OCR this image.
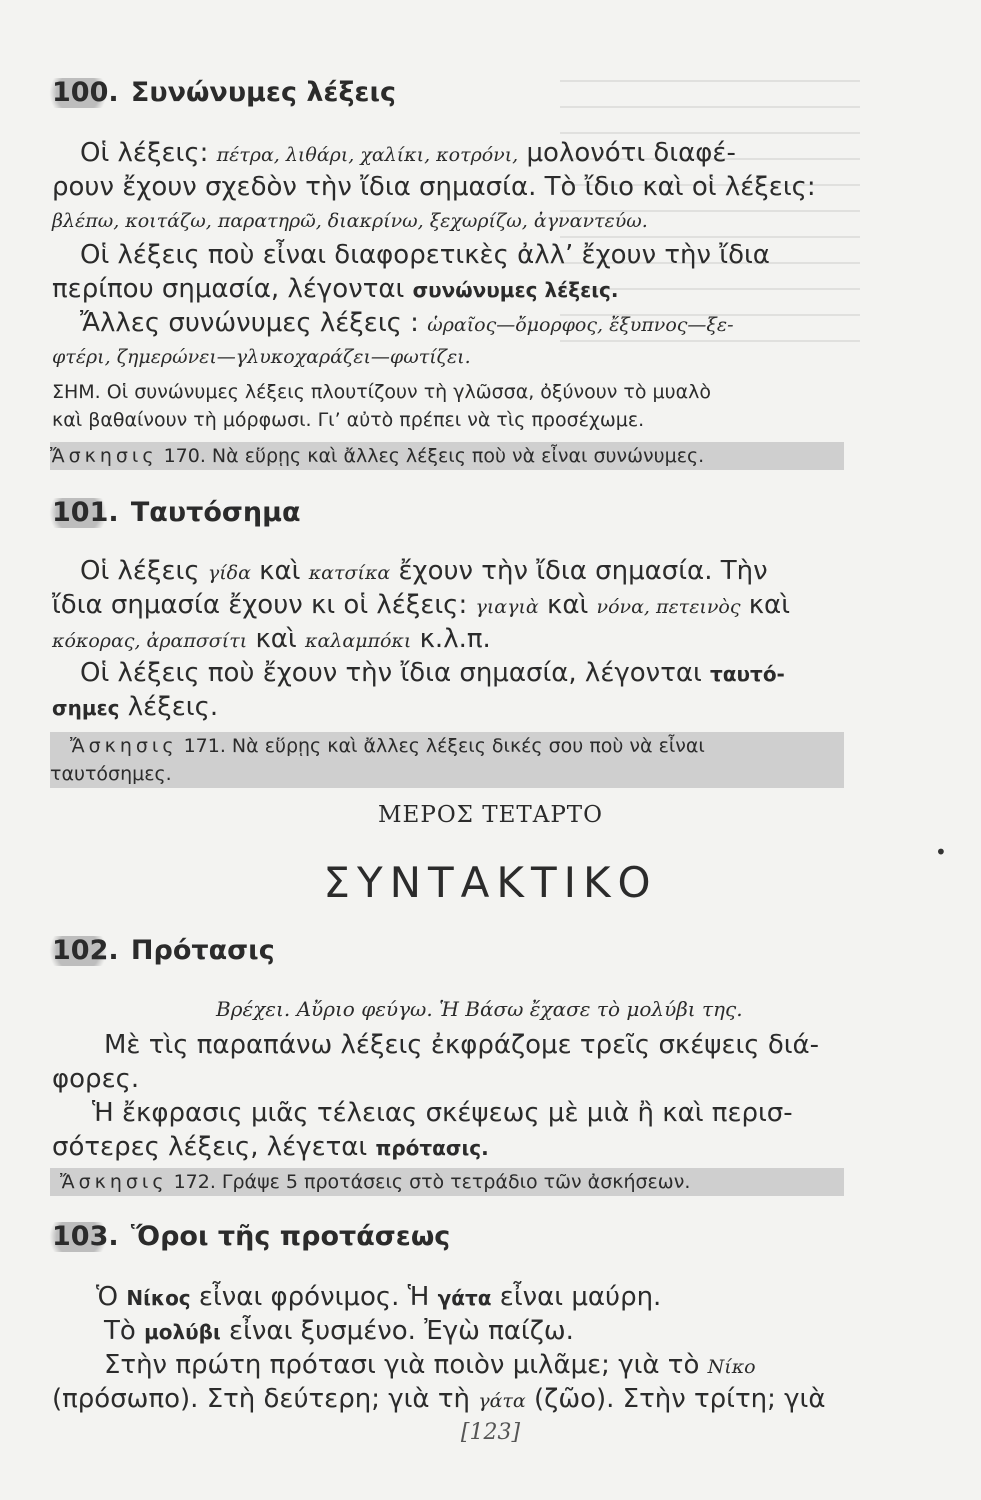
100. Συνώνυμες λέξεις
Οἱ λέξεις: πέτρα, λιθάρι, χαλίκι, κοτρόνι, μολονότι διαφέ-
ρουν ἔχουν σχεδὸν τὴν ἴδια σημασία. Τὸ ἴδιο καὶ οἱ λέξεις:
βλέπω, κοιτάζω, παρατηρῶ, διακρίνω, ξεχωρίζω, ἀγναντεύω.
Οἱ λέξεις ποὺ εἶναι διαφορετικὲς ἀλλ’ ἔχουν τὴν ἴδια
περίπου σημασία, λέγονται συνώνυμες λέξεις.
Ἄλλες συνώνυμες λέξεις : ὡραῖος—ὄμορφος, ἔξυπνος—ξε-
φτέρι, ζημερώνει—γλυκοχαράζει—φωτίζει.
ΣΗΜ. Οἱ συνώνυμες λέξεις πλουτίζουν τὴ γλῶσσα, ὀξύνουν τὸ μυαλὸ
καὶ βαθαίνουν τὴ μόρφωσι. Γι’ αὐτὸ πρέπει νὰ τὶς προσέχωμε.
Ἄσκησις 170. Νὰ εὕρῃς καὶ ἄλλες λέξεις ποὺ νὰ εἶναι συνώνυμες.
101. Ταυτόσημα
Οἱ λέξεις γίδα καὶ κατσίκα ἔχουν τὴν ἴδια σημασία. Τὴν
ἴδια σημασία ἔχουν κι οἱ λέξεις: γιαγιὰ καὶ νόνα, πετεινὸς καὶ
κόκορας, ἀραπσσίτι καὶ καλαμπόκι κ.λ.π.
Οἱ λέξεις ποὺ ἔχουν τὴν ἴδια σημασία, λέγονται ταυτό-
σημες λέξεις.
Ἄσκησις 171. Νὰ εὕρῃς καὶ ἄλλες λέξεις δικές σου ποὺ νὰ εἶναι
ταυτόσημες.
ΜΕΡΟΣ ΤΕΤΑΡΤΟ
ΣΥΝΤΑΚΤΙΚΟ
•
102. Πρότασις
Βρέχει. Αὔριο φεύγω. Ἡ Βάσω ἔχασε τὸ μολύβι της.
Μὲ τὶς παραπάνω λέξεις ἐκφράζομε τρεῖς σκέψεις διά-
φορες.
Ἡ ἔκφρασις μιᾶς τέλειας σκέψεως μὲ μιὰ ἢ καὶ περισ-
σότερες λέξεις, λέγεται πρότασις.
Ἄσκησις 172. Γράψε 5 προτάσεις στὸ τετράδιο τῶν ἀσκήσεων.
103. Ὅροι τῆς προτάσεως
Ὁ Νίκος εἶναι φρόνιμος. Ἡ γάτα εἶναι μαύρη.
Τὸ μολύβι εἶναι ξυσμένο. Ἐγὼ παίζω.
Στὴν πρώτη πρότασι γιὰ ποιὸν μιλᾶμε; γιὰ τὸ Νίκο
(πρόσωπο). Στὴ δεύτερη; γιὰ τὴ γάτα (ζῶο). Στὴν τρίτη; γιὰ
[123]
